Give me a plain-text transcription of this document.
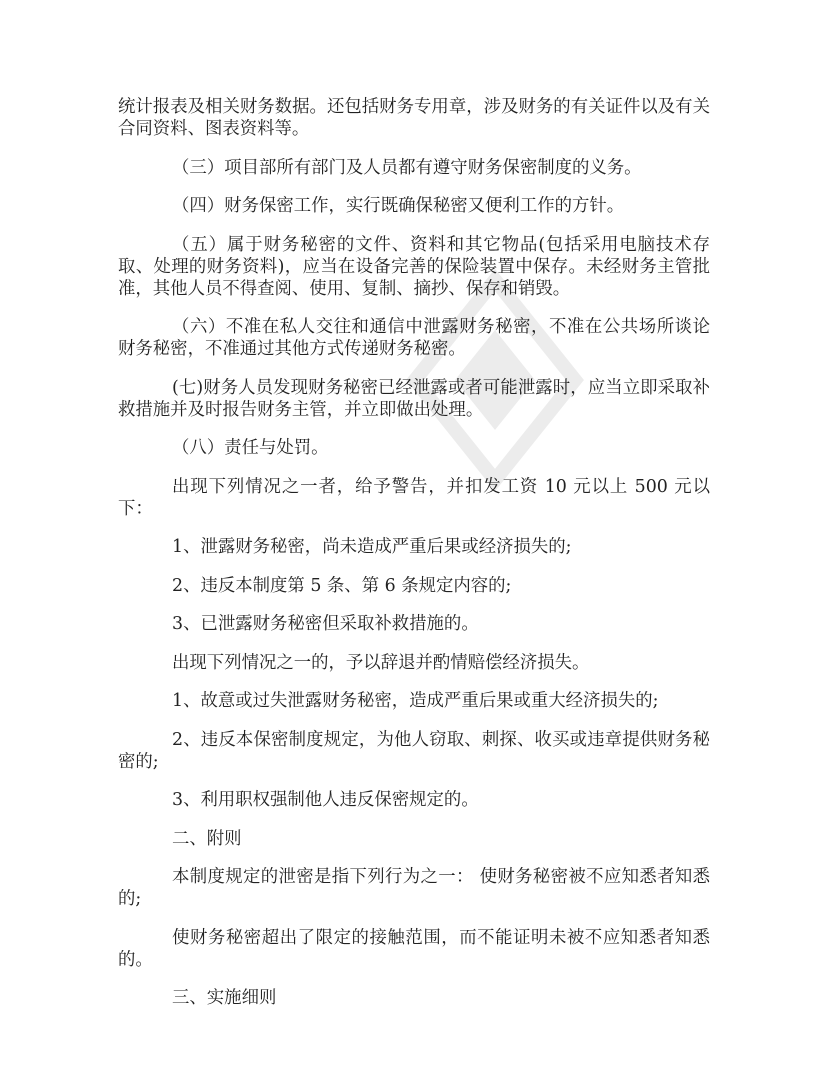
统计报表及相关财务数据。还包括财务专用章，涉及财务的有关证件以及有关合同资料、图表资料等。

（三）项目部所有部门及人员都有遵守财务保密制度的义务。

（四）财务保密工作，实行既确保秘密又便利工作的方针。

（五）属于财务秘密的文件、资料和其它物品(包括采用电脑技术存取、处理的财务资料)，应当在设备完善的保险装置中保存。未经财务主管批准，其他人员不得查阅、使用、复制、摘抄、保存和销毁。

（六）不准在私人交往和通信中泄露财务秘密，不准在公共场所谈论财务秘密，不准通过其他方式传递财务秘密。

(七)财务人员发现财务秘密已经泄露或者可能泄露时，应当立即采取补救措施并及时报告财务主管，并立即做出处理。

（八）责任与处罚。

出现下列情况之一者，给予警告，并扣发工资 10 元以上 500 元以下：

1、泄露财务秘密，尚未造成严重后果或经济损失的;

2、违反本制度第 5 条、第 6 条规定内容的;

3、已泄露财务秘密但采取补救措施的。

出现下列情况之一的，予以辞退并酌情赔偿经济损失。

1、故意或过失泄露财务秘密，造成严重后果或重大经济损失的;

2、违反本保密制度规定，为他人窃取、刺探、收买或违章提供财务秘密的;

3、利用职权强制他人违反保密规定的。

二、附则

本制度规定的泄密是指下列行为之一： 使财务秘密被不应知悉者知悉的;

使财务秘密超出了限定的接触范围，而不能证明未被不应知悉者知悉的。

三、实施细则
